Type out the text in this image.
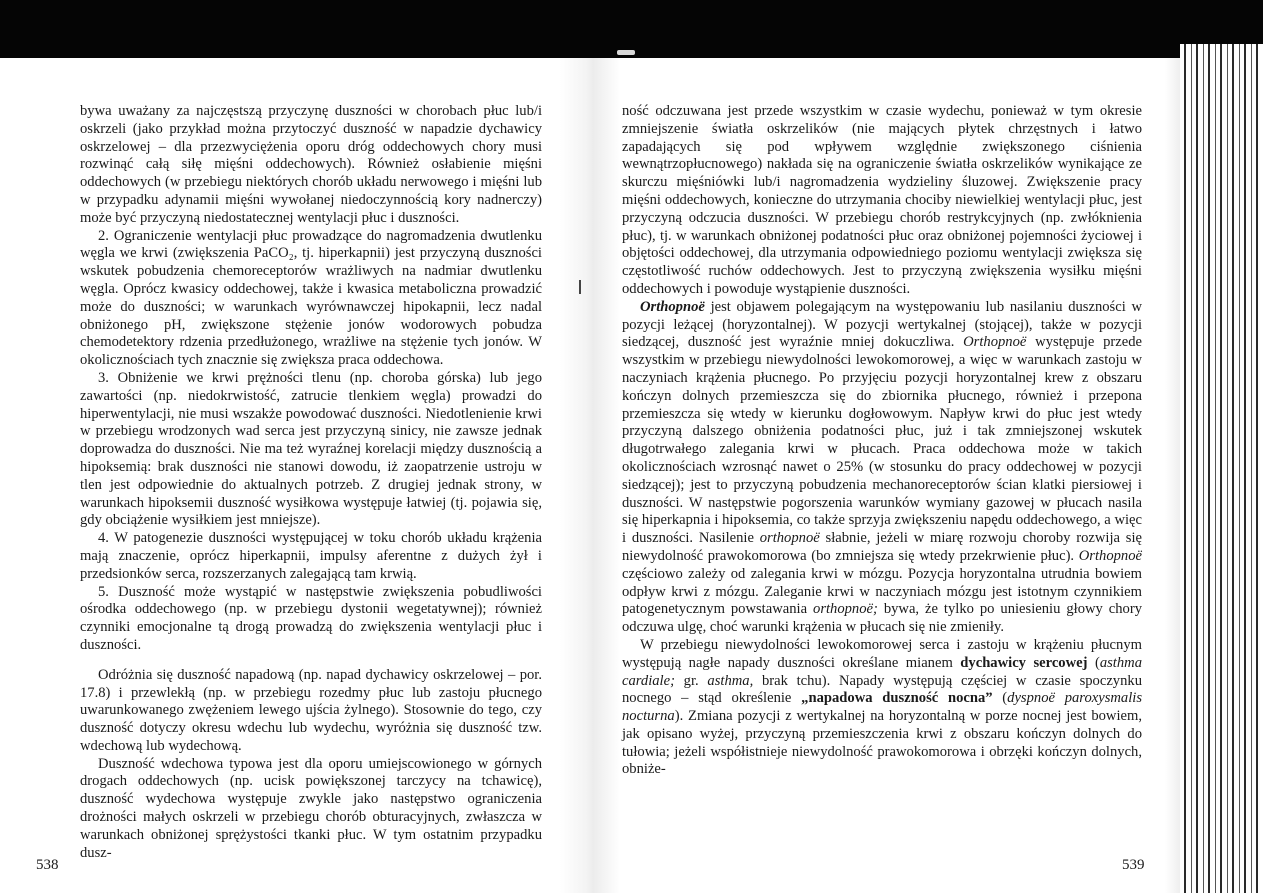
bywa uważany za najczęstszą przyczynę duszności w chorobach płuc lub/i oskrzeli (jako przykład można przytoczyć duszność w napadzie dychawicy oskrzelowej – dla przezwyciężenia oporu dróg oddechowych chory musi rozwinąć całą siłę mięśni oddechowych). Również osłabienie mięśni oddechowych (w przebiegu niektórych chorób układu nerwowego i mięśni lub w przypadku adynamii mięśni wywołanej niedoczynnością kory nadnerczy) może być przyczyną niedostatecznej wentylacji płuc i duszności.

2. Ograniczenie wentylacji płuc prowadzące do nagromadzenia dwutlenku węgla we krwi (zwiększenia PaCO₂, tj. hiperkapnii) jest przyczyną duszności wskutek pobudzenia chemoreceptorów wrażliwych na nadmiar dwutlenku węgla. Oprócz kwasicy oddechowej, także i kwasica metaboliczna prowadzić może do duszności; w warunkach wyrównawczej hipokapnii, lecz nadal obniżonego pH, zwiększone stężenie jonów wodorowych pobudza chemodetektory rdzenia przedłużonego, wrażliwe na stężenie tych jonów. W okolicznościach tych znacznie się zwiększa praca oddechowa.

3. Obniżenie we krwi prężności tlenu (np. choroba górska) lub jego zawartości (np. niedokrwistość, zatrucie tlenkiem węgla) prowadzi do hiperwentylacji, nie musi wszakże powodować duszności. Niedotlenienie krwi w przebiegu wrodzonych wad serca jest przyczyną sinicy, nie zawsze jednak doprowadza do duszności. Nie ma też wyraźnej korelacji między dusznością a hipoksemią: brak duszności nie stanowi dowodu, iż zaopatrzenie ustroju w tlen jest odpowiednie do aktualnych potrzeb. Z drugiej jednak strony, w warunkach hipoksemii duszność wysiłkowa występuje łatwiej (tj. pojawia się, gdy obciążenie wysiłkiem jest mniejsze).

4. W patogenezie duszności występującej w toku chorób układu krążenia mają znaczenie, oprócz hiperkapnii, impulsy aferentne z dużych żył i przedsionków serca, rozszerzanych zalegającą tam krwią.

5. Duszność może wystąpić w następstwie zwiększenia pobudliwości ośrodka oddechowego (np. w przebiegu dystonii wegetatywnej); również czynniki emocjonalne tą drogą prowadzą do zwiększenia wentylacji płuc i duszności.

Odróżnia się duszność napadową (np. napad dychawicy oskrzelowej – por. 17.8) i przewlekłą (np. w przebiegu rozedmy płuc lub zastoju płucnego uwarunkowanego zwężeniem lewego ujścia żylnego). Stosownie do tego, czy duszność dotyczy okresu wdechu lub wydechu, wyróżnia się duszność tzw. wdechową lub wydechową.

Duszność wdechowa typowa jest dla oporu umiejscowionego w górnych drogach oddechowych (np. ucisk powiększonej tarczycy na tchawicę), duszność wydechowa występuje zwykle jako następstwo ograniczenia drożności małych oskrzeli w przebiegu chorób obturacyjnych, zwłaszcza w warunkach obniżonej sprężystości tkanki płuc. W tym ostatnim przypadku dusz-

538

ność odczuwana jest przede wszystkim w czasie wydechu, ponieważ w tym okresie zmniejszenie światła oskrzelików (nie mających płytek chrzęstnych i łatwo zapadających się pod wpływem względnie zwiększonego ciśnienia wewnątrzopłucnowego) nakłada się na ograniczenie światła oskrzelików wynikające ze skurczu mięśniówki lub/i nagromadzenia wydzieliny śluzowej. Zwiększenie pracy mięśni oddechowych, konieczne do utrzymania chociby niewielkiej wentylacji płuc, jest przyczyną odczucia duszności. W przebiegu chorób restrykcyjnych (np. zwłóknienia płuc), tj. w warunkach obniżonej podatności płuc oraz obniżonej pojemności życiowej i objętości oddechowej, dla utrzymania odpowiedniego poziomu wentylacji zwiększa się częstotliwość ruchów oddechowych. Jest to przyczyną zwiększenia wysiłku mięśni oddechowych i powoduje wystąpienie duszności.

Orthopnoë jest objawem polegającym na występowaniu lub nasilaniu duszności w pozycji leżącej (horyzontalnej). W pozycji wertykalnej (stojącej), także w pozycji siedzącej, duszność jest wyraźnie mniej dokuczliwa. Orthopnoë występuje przede wszystkim w przebiegu niewydolności lewokomorowej, a więc w warunkach zastoju w naczyniach krążenia płucnego. Po przyjęciu pozycji horyzontalnej krew z obszaru kończyn dolnych przemieszcza się do zbiornika płucnego, również i przepona przemieszcza się wtedy w kierunku dogłowowym. Napływ krwi do płuc jest wtedy przyczyną dalszego obniżenia podatności płuc, już i tak zmniejszonej wskutek długotrwałego zalegania krwi w płucach. Praca oddechowa może w takich okolicznościach wzrosnąć nawet o 25% (w stosunku do pracy oddechowej w pozycji siedzącej); jest to przyczyną pobudzenia mechanoreceptorów ścian klatki piersiowej i duszności. W następstwie pogorszenia warunków wymiany gazowej w płucach nasila się hiperkapnia i hipoksemia, co także sprzyja zwiększeniu napędu oddechowego, a więc i duszności. Nasilenie orthopnoë słabnie, jeżeli w miarę rozwoju choroby rozwija się niewydolność prawokomorowa (bo zmniejsza się wtedy przekrwienie płuc). Orthopnoë częściowo zależy od zalegania krwi w mózgu. Pozycja horyzontalna utrudnia bowiem odpływ krwi z mózgu. Zaleganie krwi w naczyniach mózgu jest istotnym czynnikiem patogenetycznym powstawania orthopnoë; bywa, że tylko po uniesieniu głowy chory odczuwa ulgę, choć warunki krążenia w płucach się nie zmieniły.

W przebiegu niewydolności lewokomorowej serca i zastoju w krążeniu płucnym występują nagłe napady duszności określane mianem dychawicy sercowej (asthma cardiale; gr. asthma, brak tchu). Napady występują częściej w czasie spoczynku nocnego – stąd określenie „napadowa duszność nocna” (dyspnoë paroxysmalis nocturna). Zmiana pozycji z wertykalnej na horyzontalną w porze nocnej jest bowiem, jak opisano wyżej, przyczyną przemieszczenia krwi z obszaru kończyn dolnych do tułowia; jeżeli współistnieje niewydolność prawokomorowa i obrzęki kończyn dolnych, obniże-

539
